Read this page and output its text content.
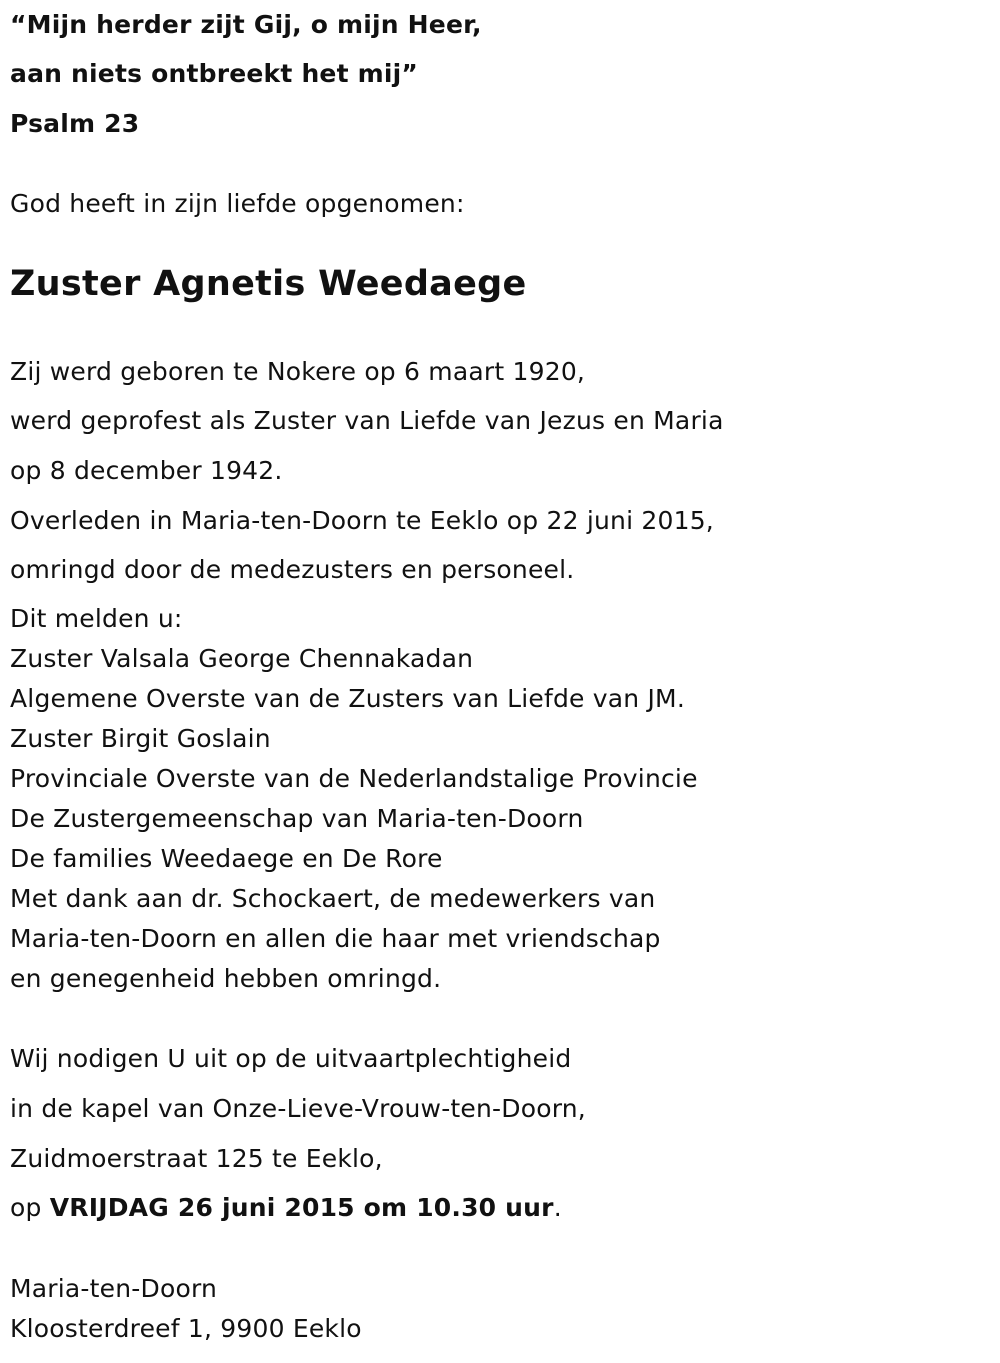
“Mijn herder zijt Gij, o mijn Heer,
aan niets ontbreekt het mij”
Psalm 23
God heeft in zijn liefde opgenomen:
Zuster Agnetis Weedaege
Zij werd geboren te Nokere op 6 maart 1920,
werd geprofest als Zuster van Liefde van Jezus en Maria
op 8 december 1942.
Overleden in Maria-ten-Doorn te Eeklo op 22 juni 2015,
omringd door de medezusters en personeel.
Dit melden u:
Zuster Valsala George Chennakadan
Algemene Overste van de Zusters van Liefde van JM.
Zuster Birgit Goslain
Provinciale Overste van de Nederlandstalige Provincie
De Zustergemeenschap van Maria-ten-Doorn
De families Weedaege en De Rore
Met dank aan dr. Schockaert, de medewerkers van
Maria-ten-Doorn en allen die haar met vriendschap
en genegenheid hebben omringd.
Wij nodigen U uit op de uitvaartplechtigheid
in de kapel van Onze-Lieve-Vrouw-ten-Doorn,
Zuidmoerstraat 125 te Eeklo,
op VRIJDAG 26 juni 2015 om 10.30 uur.
Maria-ten-Doorn
Kloosterdreef 1, 9900 Eeklo
